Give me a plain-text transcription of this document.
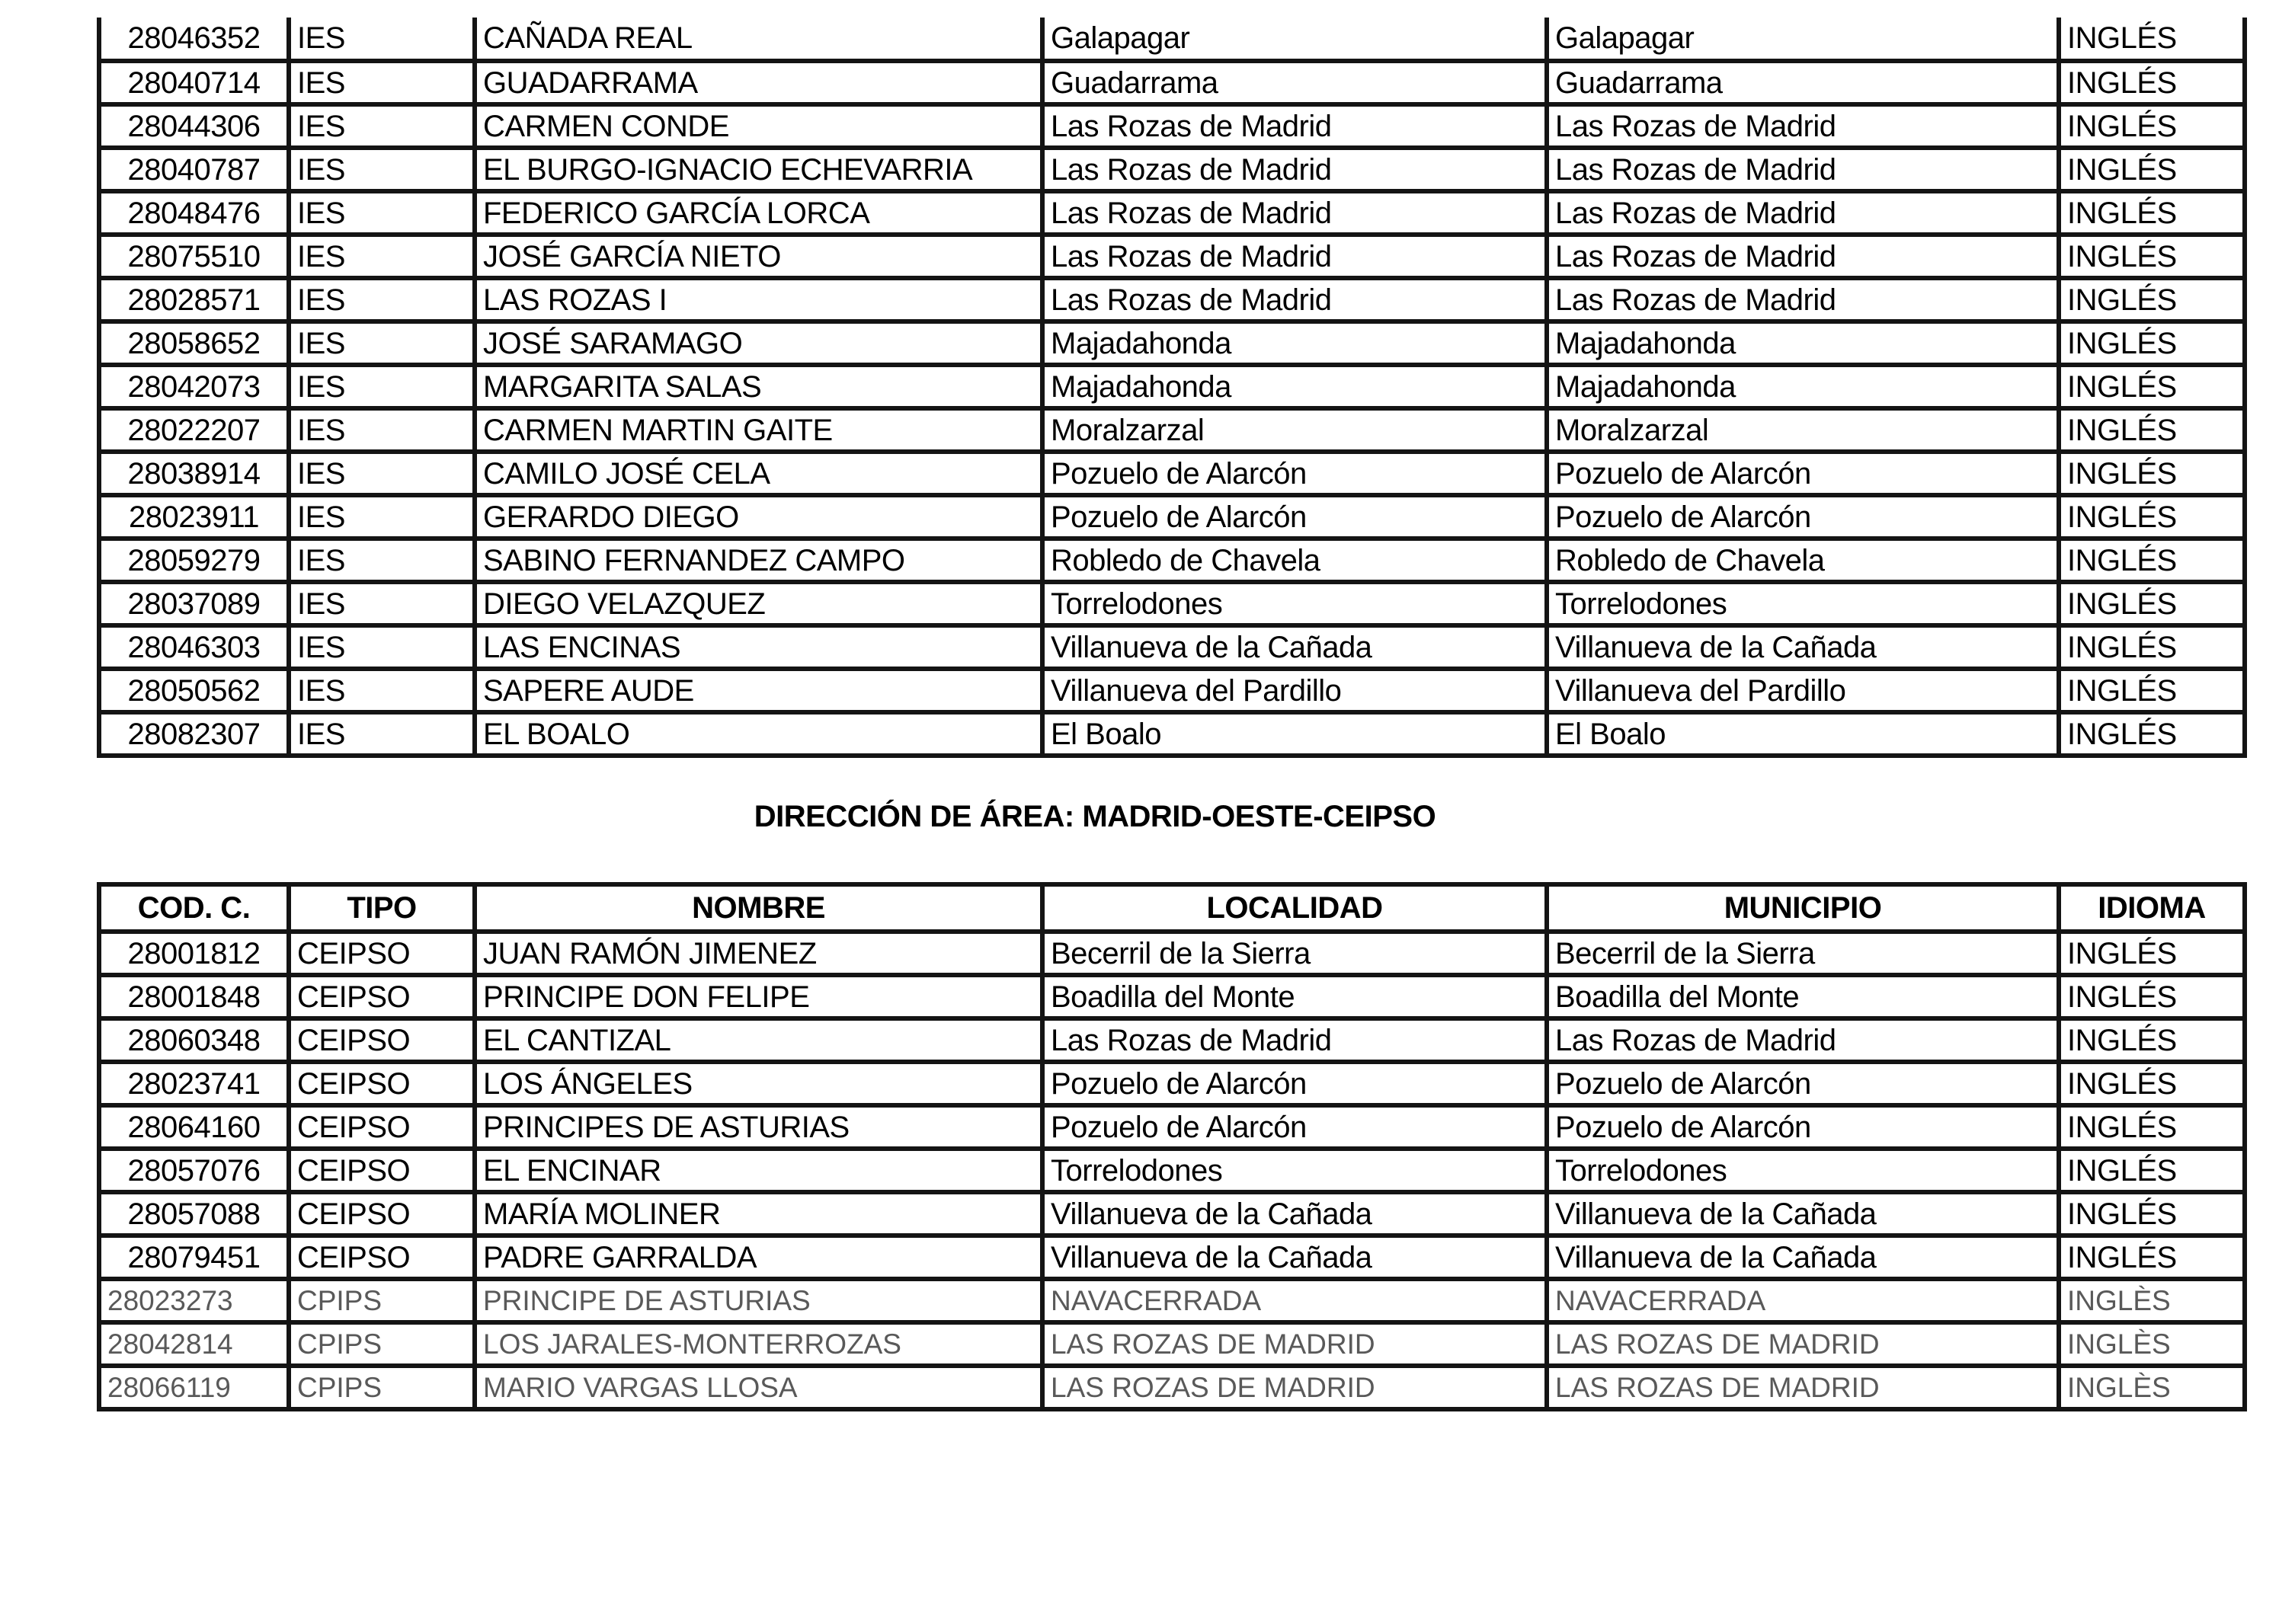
28046352	IES	CAÑADA REAL	Galapagar	Galapagar	INGLÉS
28040714	IES	GUADARRAMA	Guadarrama	Guadarrama	INGLÉS
28044306	IES	CARMEN CONDE	Las Rozas de Madrid	Las Rozas de Madrid	INGLÉS
28040787	IES	EL BURGO-IGNACIO ECHEVARRIA	Las Rozas de Madrid	Las Rozas de Madrid	INGLÉS
28048476	IES	FEDERICO GARCÍA LORCA	Las Rozas de Madrid	Las Rozas de Madrid	INGLÉS
28075510	IES	JOSÉ GARCÍA NIETO	Las Rozas de Madrid	Las Rozas de Madrid	INGLÉS
28028571	IES	LAS ROZAS I	Las Rozas de Madrid	Las Rozas de Madrid	INGLÉS
28058652	IES	JOSÉ SARAMAGO	Majadahonda	Majadahonda	INGLÉS
28042073	IES	MARGARITA SALAS	Majadahonda	Majadahonda	INGLÉS
28022207	IES	CARMEN MARTIN GAITE	Moralzarzal	Moralzarzal	INGLÉS
28038914	IES	CAMILO JOSÉ CELA	Pozuelo de Alarcón	Pozuelo de Alarcón	INGLÉS
28023911	IES	GERARDO DIEGO	Pozuelo de Alarcón	Pozuelo de Alarcón	INGLÉS
28059279	IES	SABINO FERNANDEZ CAMPO	Robledo de Chavela	Robledo de Chavela	INGLÉS
28037089	IES	DIEGO VELAZQUEZ	Torrelodones	Torrelodones	INGLÉS
28046303	IES	LAS ENCINAS	Villanueva de la Cañada	Villanueva de la Cañada	INGLÉS
28050562	IES	SAPERE AUDE	Villanueva del Pardillo	Villanueva del Pardillo	INGLÉS
28082307	IES	EL BOALO	El Boalo	El Boalo	INGLÉS
DIRECCIÓN DE ÁREA: MADRID-OESTE-CEIPSO
COD. C.	TIPO	NOMBRE	LOCALIDAD	MUNICIPIO	IDIOMA
28001812	CEIPSO	JUAN RAMÓN JIMENEZ	Becerril de la Sierra	Becerril de la Sierra	INGLÉS
28001848	CEIPSO	PRINCIPE DON FELIPE	Boadilla del Monte	Boadilla del Monte	INGLÉS
28060348	CEIPSO	EL CANTIZAL	Las Rozas de Madrid	Las Rozas de Madrid	INGLÉS
28023741	CEIPSO	LOS ÁNGELES	Pozuelo de Alarcón	Pozuelo de Alarcón	INGLÉS
28064160	CEIPSO	PRINCIPES DE ASTURIAS	Pozuelo de Alarcón	Pozuelo de Alarcón	INGLÉS
28057076	CEIPSO	EL ENCINAR	Torrelodones	Torrelodones	INGLÉS
28057088	CEIPSO	MARÍA MOLINER	Villanueva de la Cañada	Villanueva de la Cañada	INGLÉS
28079451	CEIPSO	PADRE GARRALDA	Villanueva de la Cañada	Villanueva de la Cañada	INGLÉS
28023273	CPIPS	PRINCIPE DE ASTURIAS	NAVACERRADA	NAVACERRADA	INGLÈS
28042814	CPIPS	LOS JARALES-MONTERROZAS	LAS ROZAS DE MADRID	LAS ROZAS DE MADRID	INGLÈS
28066119	CPIPS	MARIO VARGAS LLOSA	LAS ROZAS DE MADRID	LAS ROZAS DE MADRID	INGLÈS
